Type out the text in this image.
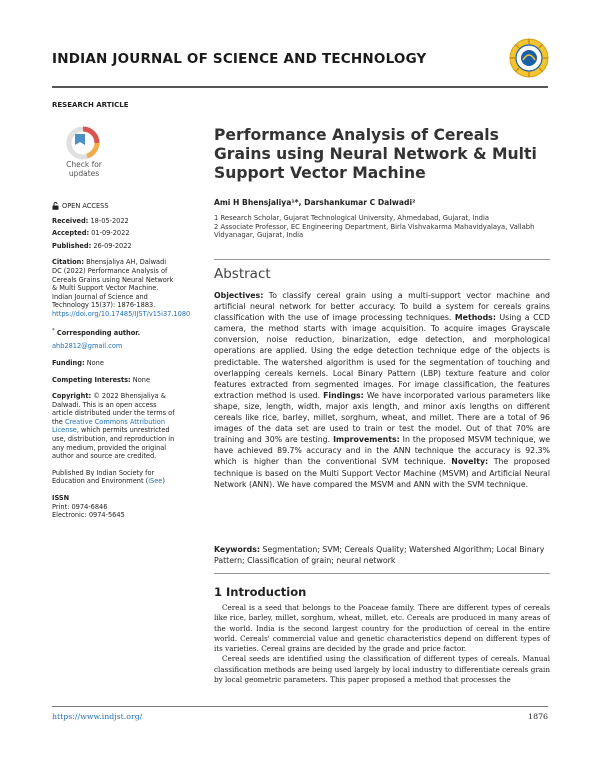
INDIAN JOURNAL OF SCIENCE AND TECHNOLOGY
RESEARCH ARTICLE
Check for updates
OPEN ACCESS
Received: 18-05-2022
Accepted: 01-09-2022
Published: 26-09-2022
Citation: Bhensjaliya AH, Dalwadi DC (2022) Performance Analysis of Cereals Grains using Neural Network & Multi Support Vector Machine. Indian Journal of Science and Technology 15(37): 1876-1883. https://doi.org/10.17485/IJST/v15i37.1080
* Corresponding author.
ahb2812@gmail.com
Funding: None
Competing Interests: None
Copyright: © 2022 Bhensjaliya & Dalwadi. This is an open access article distributed under the terms of the Creative Commons Attribution License, which permits unrestricted use, distribution, and reproduction in any medium, provided the original author and source are credited.
Published By Indian Society for Education and Environment (iSee)
ISSN
Print: 0974-6846
Electronic: 0974-5645
Performance Analysis of Cereals Grains using Neural Network & Multi Support Vector Machine
Ami H Bhensjaliya¹*, Darshankumar C Dalwadi²
1 Research Scholar, Gujarat Technological University, Ahmedabad, Gujarat, India
2 Associate Professor, EC Engineering Department, Birla Vishvakarma Mahavidyalaya, Vallabh Vidyanagar, Gujarat, India
Abstract
Objectives: To classify cereal grain using a multi-support vector machine and artificial neural network for better accuracy. To build a system for cereals grains classification with the use of image processing techniques. Methods: Using a CCD camera, the method starts with image acquisition. To acquire images Grayscale conversion, noise reduction, binarization, edge detection, and morphological operations are applied. Using the edge detection technique edge of the objects is predictable. The watershed algorithm is used for the segmentation of touching and overlapping cereals kernels. Local Binary Pattern (LBP) texture feature and color features extracted from segmented images. For image classification, the features extraction method is used. Findings: We have incorporated various parameters like shape, size, length, width, major axis length, and minor axis lengths on different cereals like rice, barley, millet, sorghum, wheat, and millet. There are a total of 96 images of the data set are used to train or test the model. Out of that 70% are training and 30% are testing. Improvements: In the proposed MSVM technique, we have achieved 89.7% accuracy and in the ANN technique the accuracy is 92.3% which is higher than the conventional SVM technique. Novelty: The proposed technique is based on the Multi Support Vector Machine (MSVM) and Artificial Neural Network (ANN). We have compared the MSVM and ANN with the SVM technique.
Keywords: Segmentation; SVM; Cereals Quality; Watershed Algorithm; Local Binary Pattern; Classification of grain; neural network
1 Introduction

Cereal is a seed that belongs to the Poaceae family. There are different types of cereals like rice, barley, millet, sorghum, wheat, millet, etc. Cereals are produced in many areas of the world. India is the second largest country for the production of cereal in the entire world. Cereals' commercial value and genetic characteristics depend on different types of its varieties. Cereal grains are decided by the grade and price factor.

Cereal seeds are identified using the classification of different types of cereals. Manual classification methods are being used largely by local industry to differentiate cereals grain by local geometric parameters. This paper proposed a method that processes the

https://www.indjst.org/	1876
